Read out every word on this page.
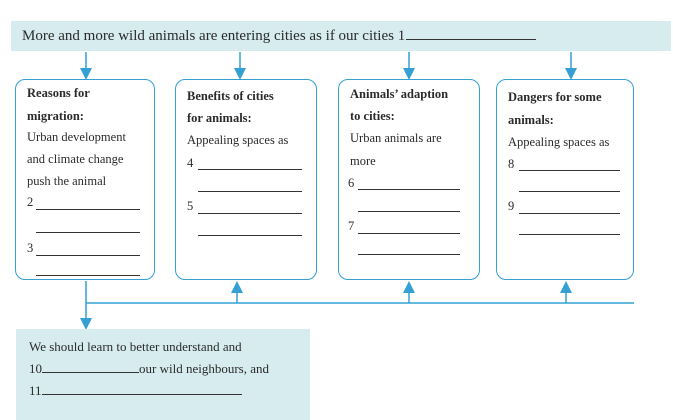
More and more wild animals are entering cities as if our cities 1
Reasons for
migration:
Urban development
and climate change
push the animal
2
3
Benefits of cities
for animals:
Appealing spaces as
4
5
Animals’ adaption
to cities:
Urban animals are
more
6
7
Dangers for some
animals:
Appealing spaces as
8
9
We should learn to better understand and
10	our wild neighbours, and
11
